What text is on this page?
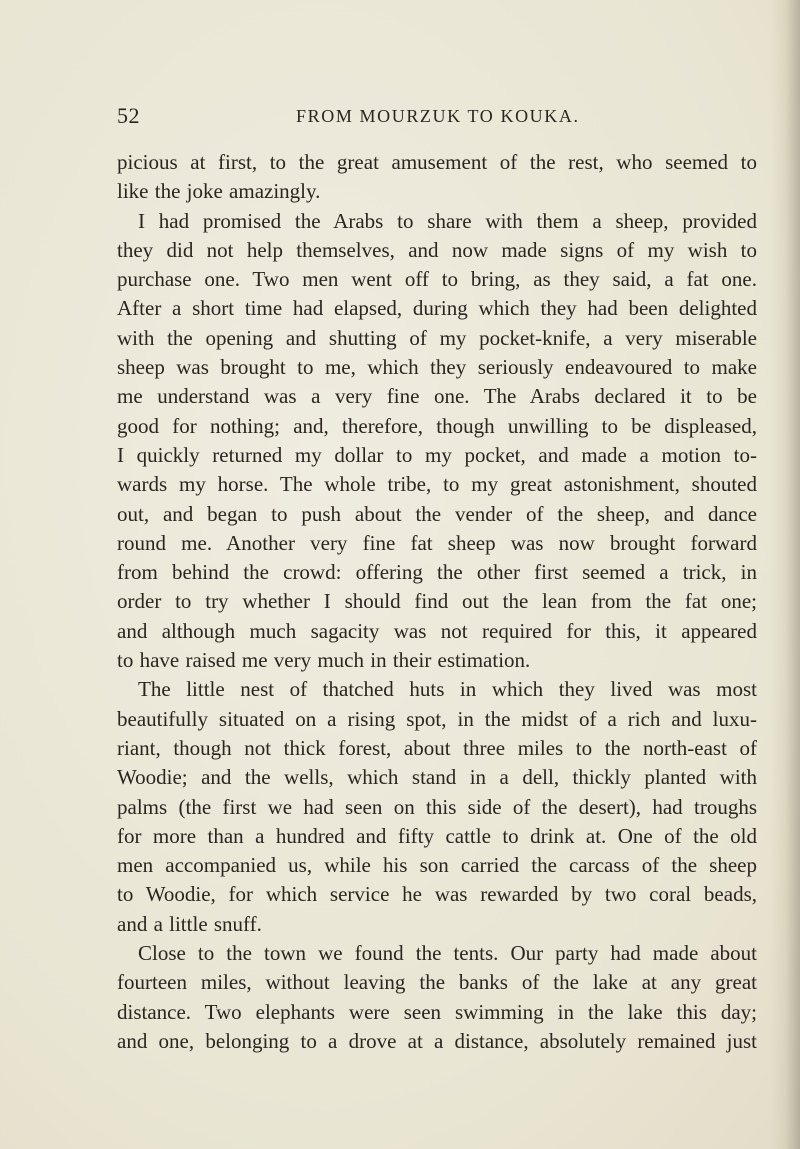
52	FROM MOURZUK TO KOUKA.
picious at first, to the great amusement of the rest, who seemed to
like the joke amazingly.
I had promised the Arabs to share with them a sheep, provided
they did not help themselves, and now made signs of my wish to
purchase one. Two men went off to bring, as they said, a fat one.
After a short time had elapsed, during which they had been delighted
with the opening and shutting of my pocket-knife, a very miserable
sheep was brought to me, which they seriously endeavoured to make
me understand was a very fine one. The Arabs declared it to be
good for nothing; and, therefore, though unwilling to be displeased,
I quickly returned my dollar to my pocket, and made a motion to-
wards my horse. The whole tribe, to my great astonishment, shouted
out, and began to push about the vender of the sheep, and dance
round me. Another very fine fat sheep was now brought forward
from behind the crowd: offering the other first seemed a trick, in
order to try whether I should find out the lean from the fat one;
and although much sagacity was not required for this, it appeared
to have raised me very much in their estimation.
The little nest of thatched huts in which they lived was most
beautifully situated on a rising spot, in the midst of a rich and luxu-
riant, though not thick forest, about three miles to the north-east of
Woodie; and the wells, which stand in a dell, thickly planted with
palms (the first we had seen on this side of the desert), had troughs
for more than a hundred and fifty cattle to drink at. One of the old
men accompanied us, while his son carried the carcass of the sheep
to Woodie, for which service he was rewarded by two coral beads,
and a little snuff.
Close to the town we found the tents. Our party had made about
fourteen miles, without leaving the banks of the lake at any great
distance. Two elephants were seen swimming in the lake this day;
and one, belonging to a drove at a distance, absolutely remained just
